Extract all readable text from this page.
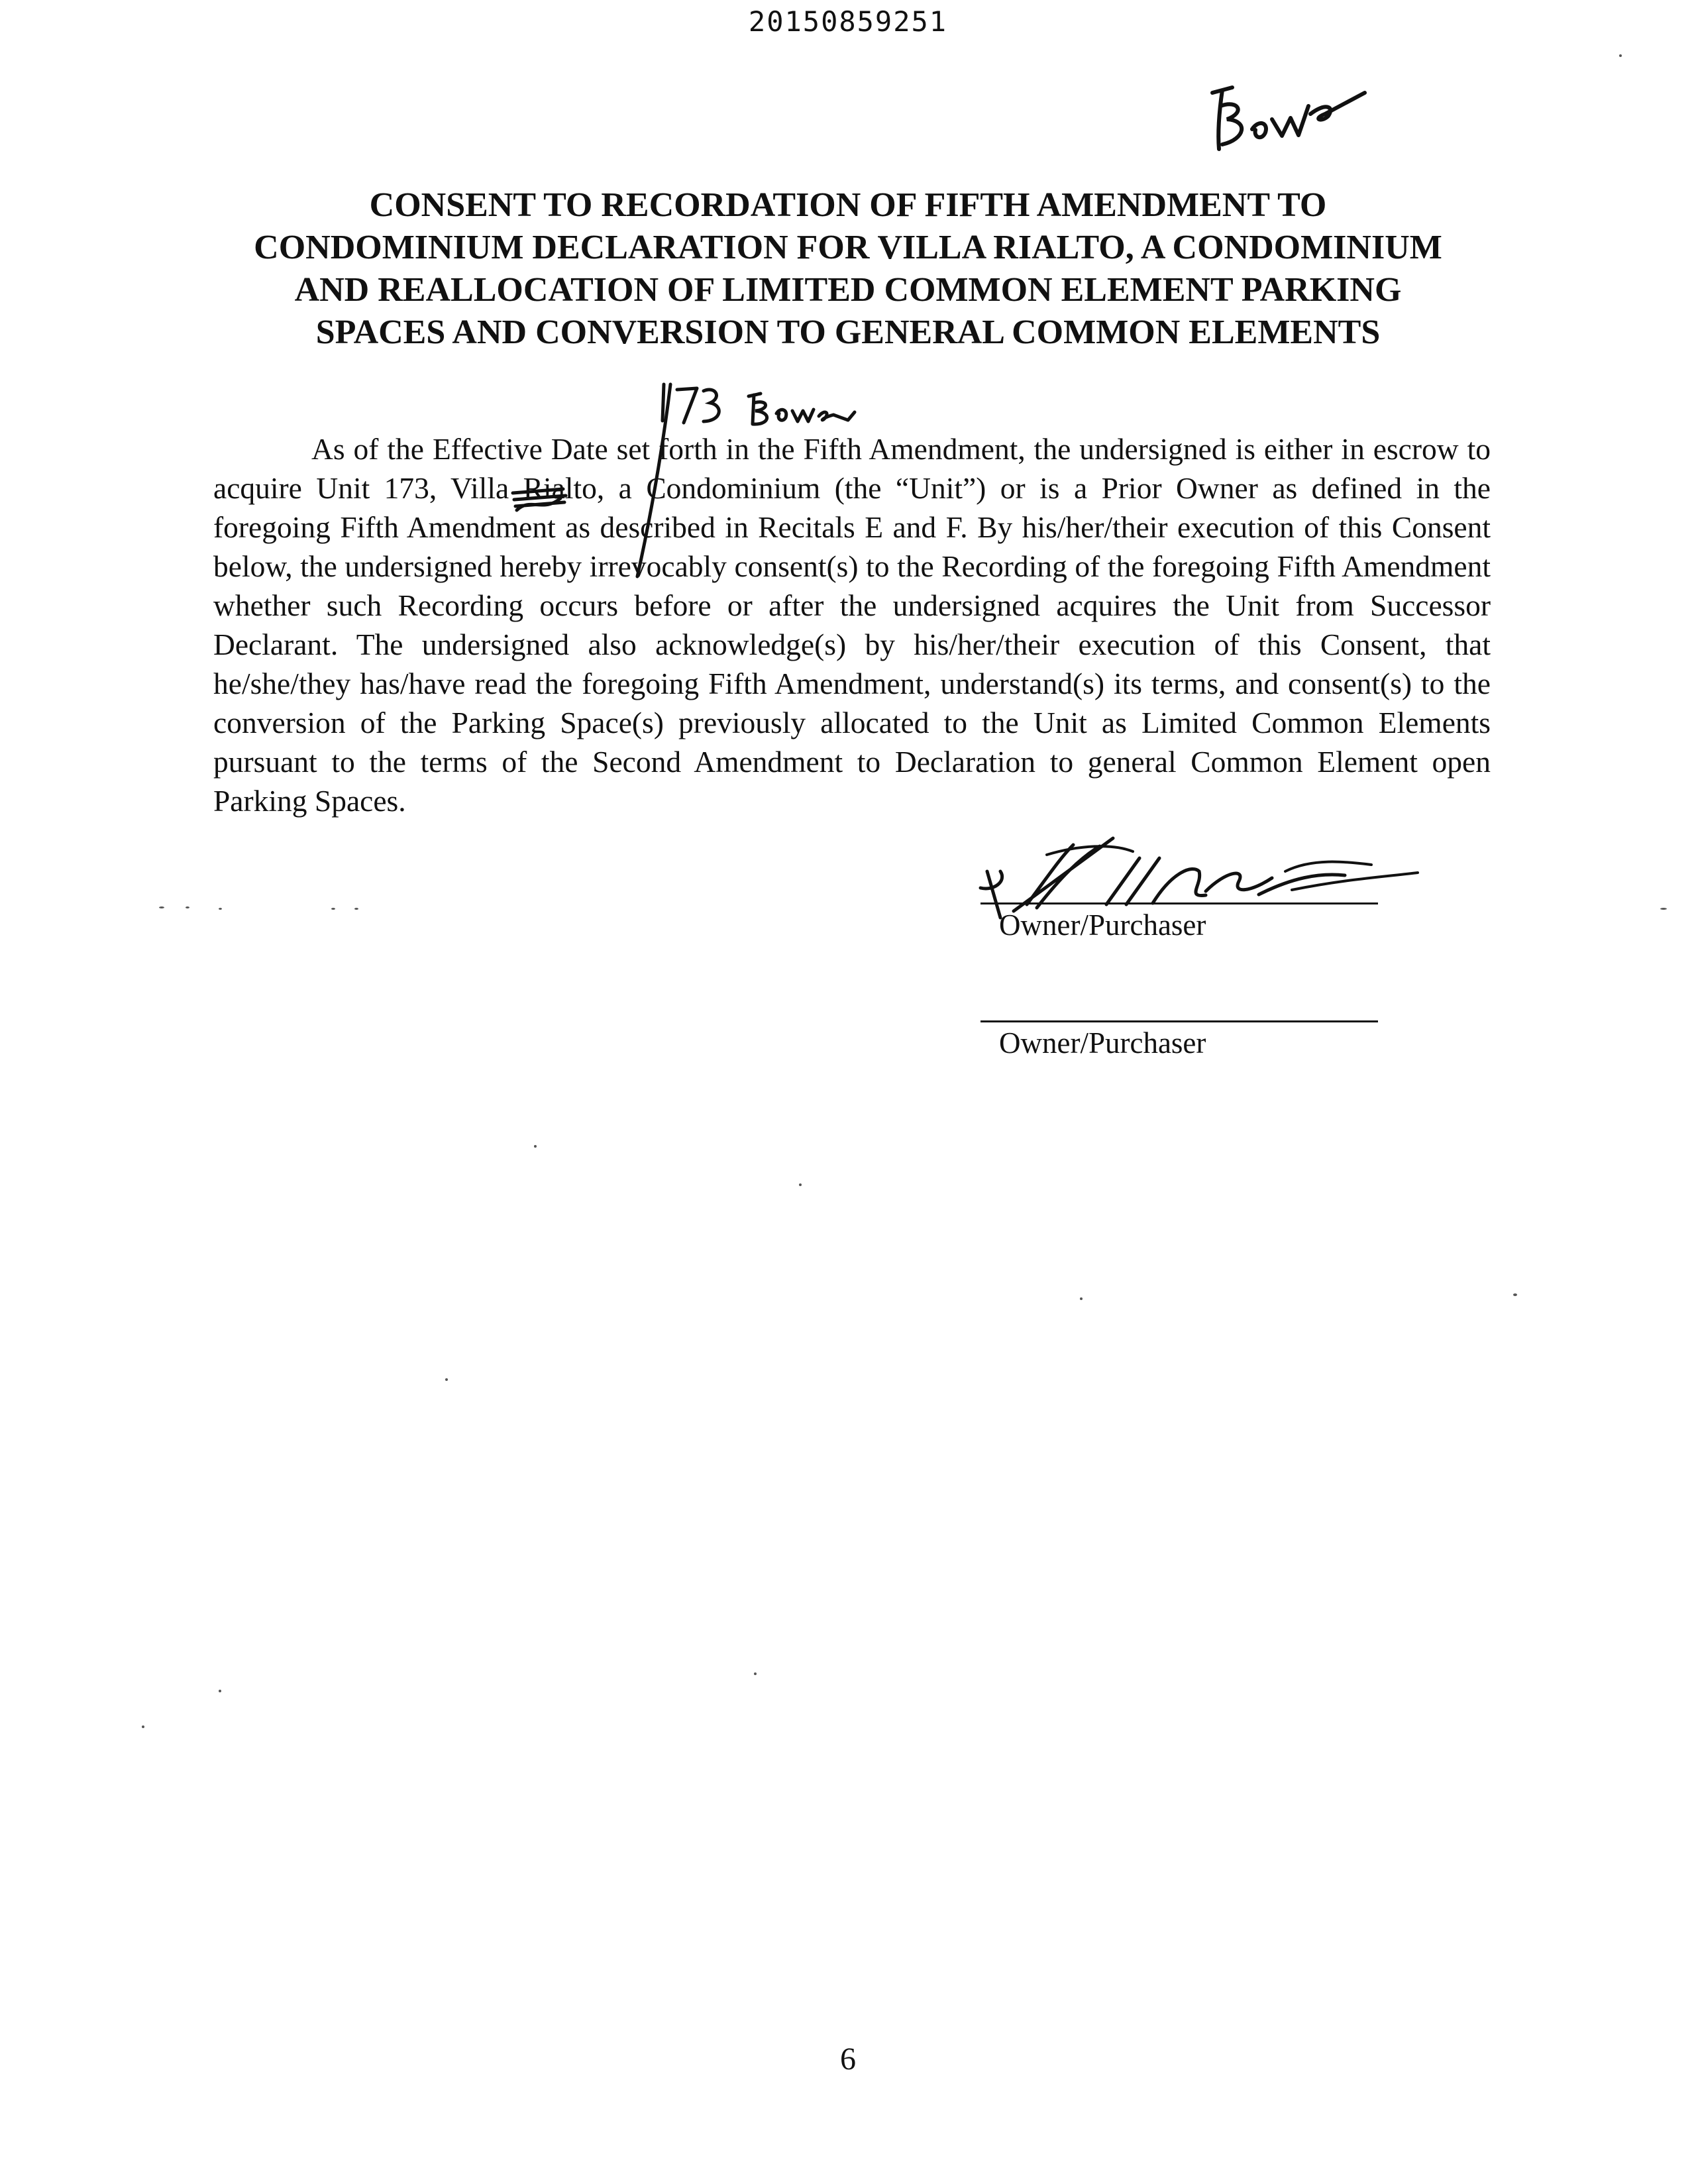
20150859251
Bower
CONSENT TO RECORDATION OF FIFTH AMENDMENT TO
CONDOMINIUM DECLARATION FOR VILLA RIALTO, A CONDOMINIUM
AND REALLOCATION OF LIMITED COMMON ELEMENT PARKING
SPACES AND CONVERSION TO GENERAL COMMON ELEMENTS
173 Bower
As of the Effective Date set forth in the Fifth Amendment, the undersigned is either in escrow to acquire Unit 173, Villa Rialto, a Condominium (the “Unit”) or is a Prior Owner as defined in the foregoing Fifth Amendment as described in Recitals E and F. By his/her/their execution of this Consent below, the undersigned hereby irrevocably consent(s) to the Recording of the foregoing Fifth Amendment whether such Recording occurs before or after the undersigned acquires the Unit from Successor Declarant. The undersigned also acknowledge(s) by his/her/their execution of this Consent, that he/she/they has/have read the foregoing Fifth Amendment, understand(s) its terms, and consent(s) to the conversion of the Parking Space(s) previously allocated to the Unit as Limited Common Elements pursuant to the terms of the Second Amendment to Declaration to general Common Element open Parking Spaces.
Owner/Purchaser
Owner/Purchaser
6
